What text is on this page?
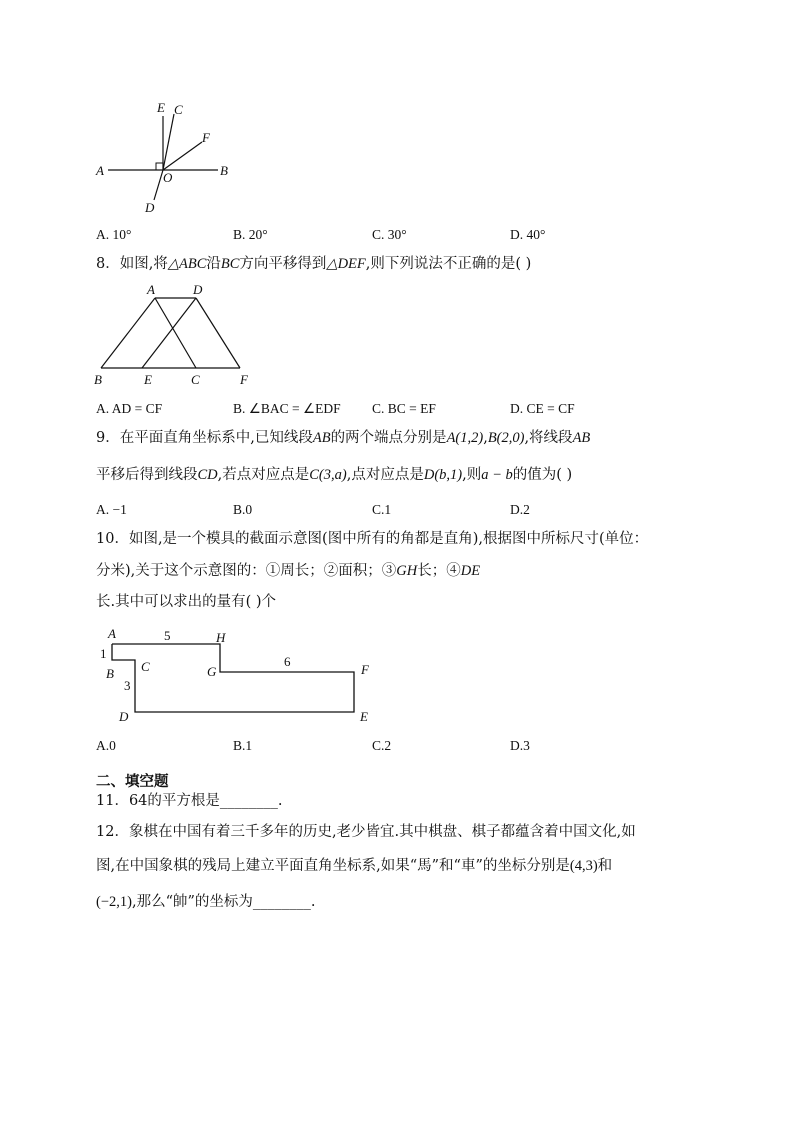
A	B
E C
F
O
D
A. 10°	B. 20°	C. 30°	D. 40°
8．如图,将△ABC沿BC方向平移得到△DEF,则下列说法不正确的是( )
A	D
B	E	C	F
A. AD = CF	B. ∠BAC = ∠EDF C. BC = EF	D. CE = CF
9．在平面直角坐标系中,已知线段AB的两个端点分别是A(1,2),B(2,0),将线段AB
平移后得到线段CD,若点对应点是C(3,a),点对应点是D(b,1),则a − b的值为( )
A. −1	B.0	C.1	D.2
10．如图,是一个模具的截面示意图(图中所有的角都是直角),根据图中所标尺寸(单位：
分米),关于这个示意图的：①周长；②面积；③GH长；④DE
长.其中可以求出的量有( )个
A	H
5
1
B C
3
G
6
F
D	E
A.0	B.1	C.2	D.3
二、填空题
11．64的平方根是________.
12．象棋在中国有着三千多年的历史,老少皆宜.其中棋盘、棋子都蕴含着中国文化,如
图,在中国象棋的残局上建立平面直角坐标系,如果“馬”和“車”的坐标分别是(4,3)和
(−2,1),那么“帥”的坐标为________.
